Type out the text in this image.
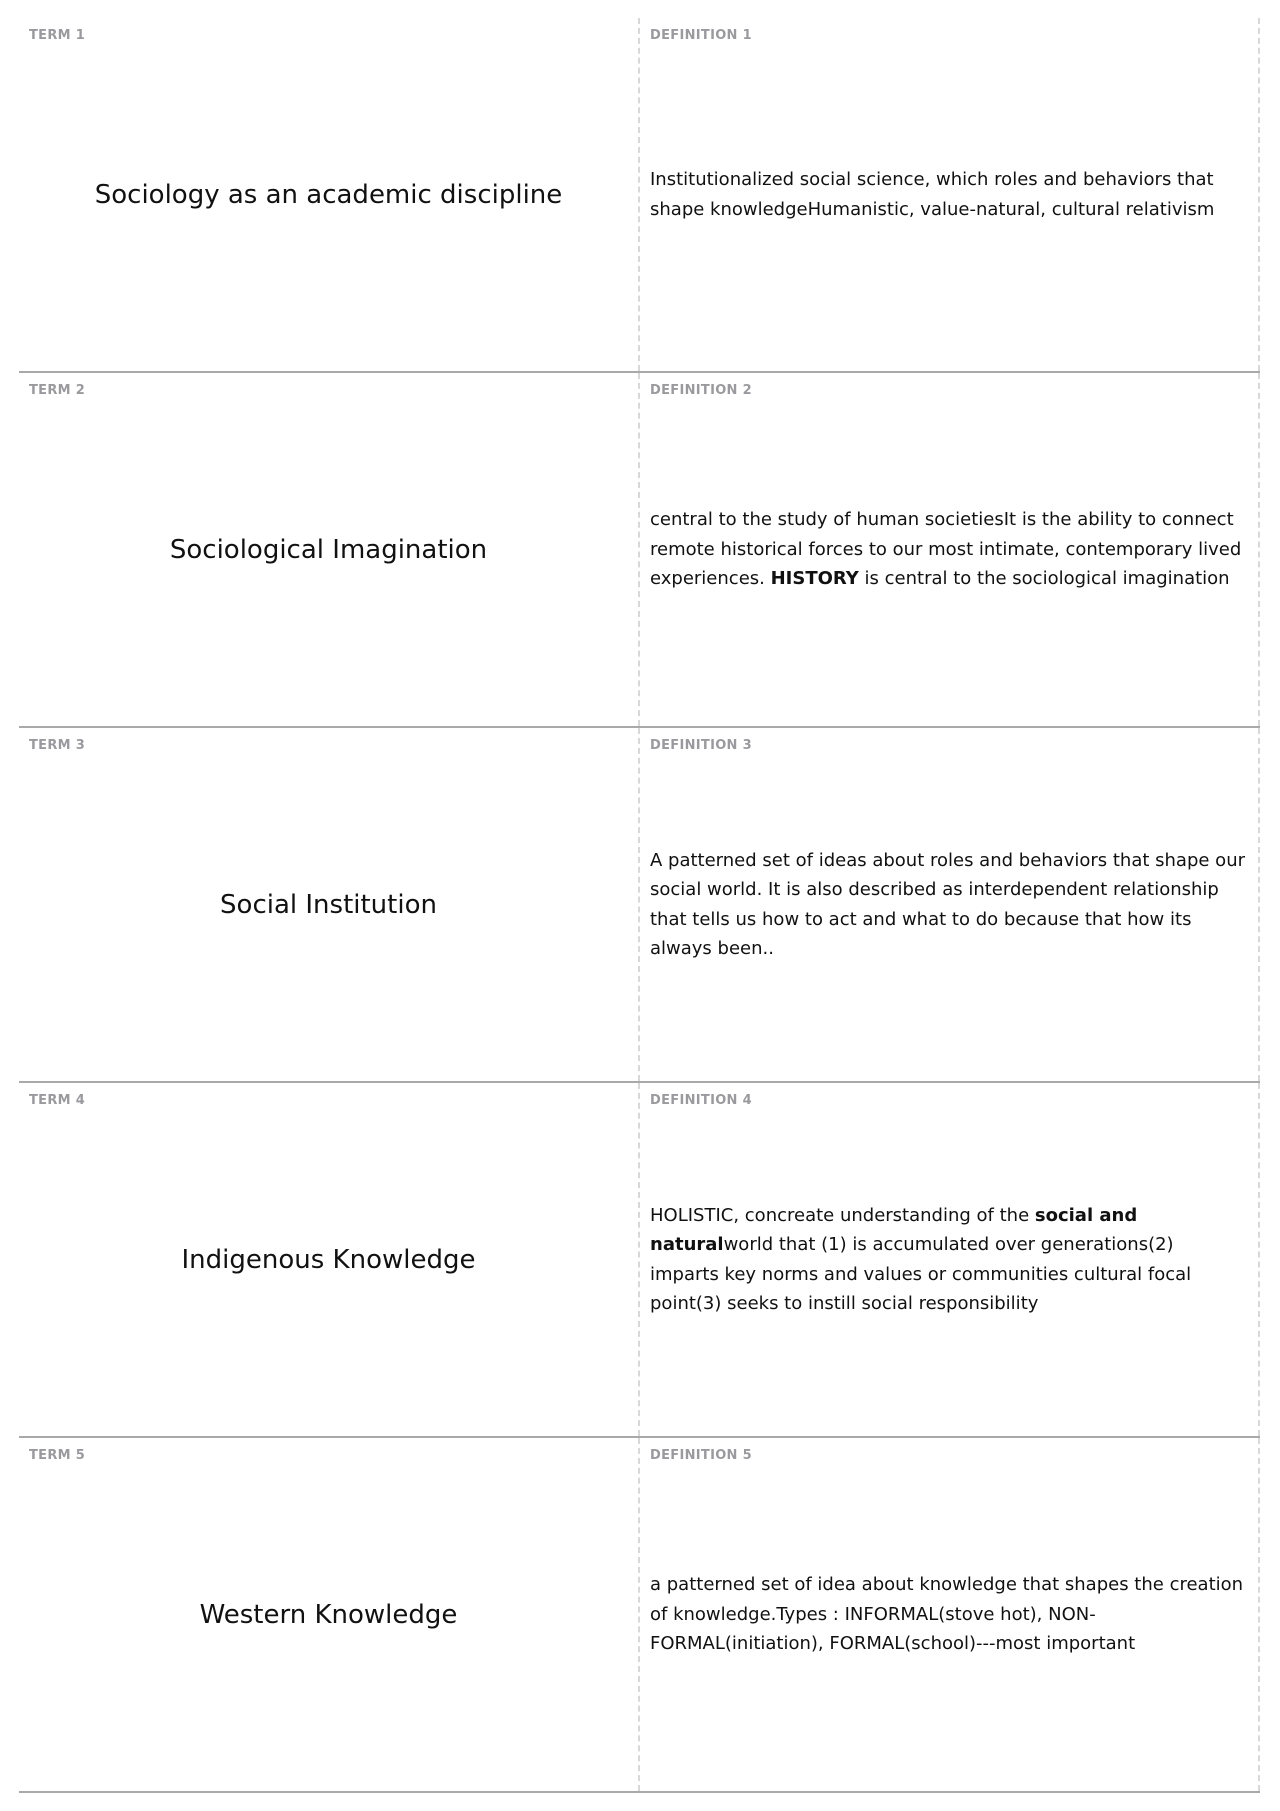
TERM 1
Sociology as an academic discipline
DEFINITION 1
Institutionalized social science, which roles and behaviors that shape knowledgeHumanistic, value-natural, cultural relativism
TERM 2
Sociological Imagination
DEFINITION 2
central to the study of human societiesIt is the ability to connect remote historical forces to our most intimate, contemporary lived experiences. HISTORY is central to the sociological imagination
TERM 3
Social Institution
DEFINITION 3
A patterned set of ideas about roles and behaviors that shape our social world. It is also described as interdependent relationship that tells us how to act and what to do because that how its always been..
TERM 4
Indigenous Knowledge
DEFINITION 4
HOLISTIC, concreate understanding of the social and naturalworld that (1) is accumulated over generations(2) imparts key norms and values or communities cultural focal point(3) seeks to instill social responsibility
TERM 5
Western Knowledge
DEFINITION 5
a patterned set of idea about knowledge that shapes the creation of knowledge.Types : INFORMAL(stove hot), NON-FORMAL(initiation), FORMAL(school)---most important
